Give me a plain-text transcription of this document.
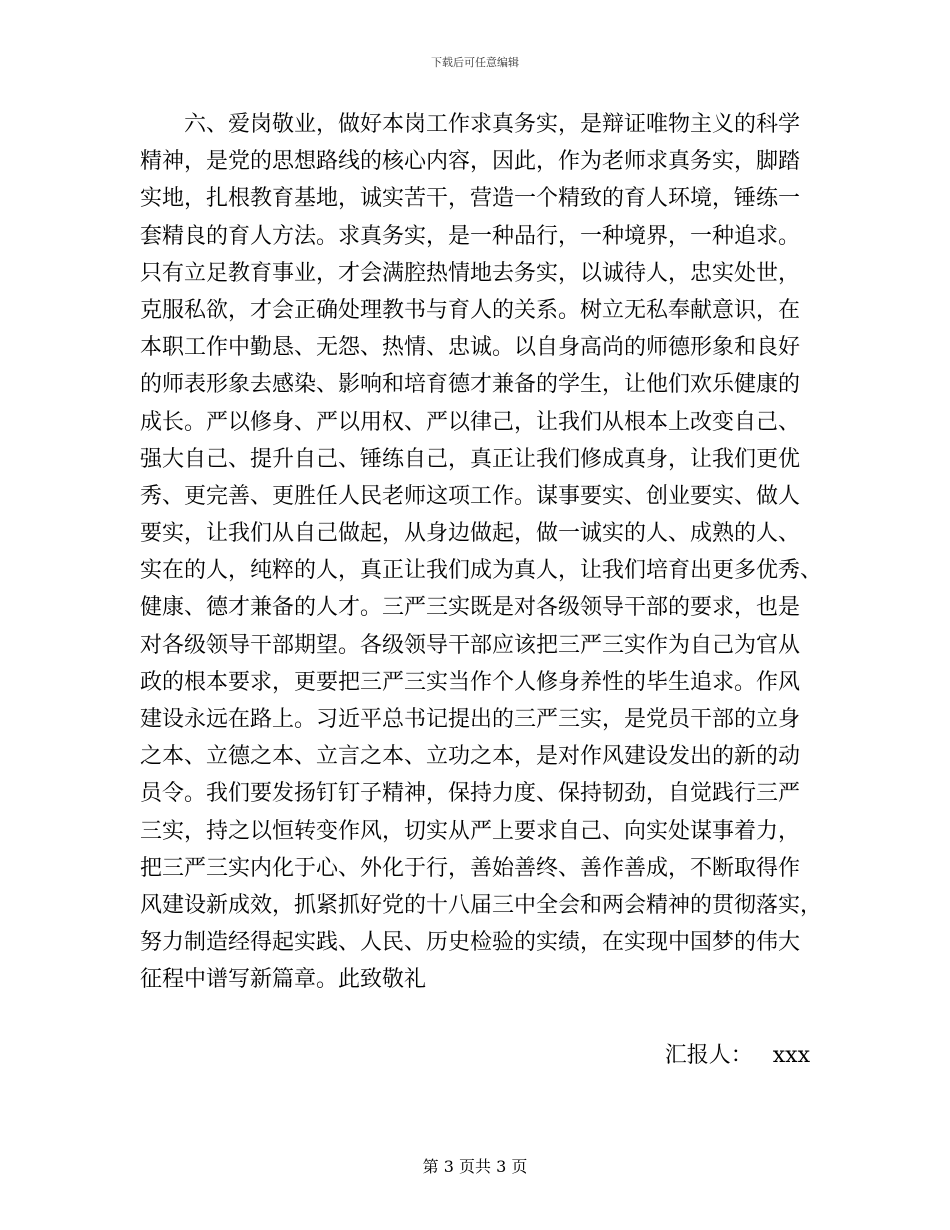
下载后可任意编辑
六、爱岗敬业，做好本岗工作求真务实，是辩证唯物主义的科学
精神，是党的思想路线的核心内容，因此，作为老师求真务实，脚踏
实地，扎根教育基地，诚实苦干，营造一个精致的育人环境，锤练一
套精良的育人方法。求真务实，是一种品行，一种境界，一种追求。
只有立足教育事业，才会满腔热情地去务实，以诚待人，忠实处世，
克服私欲，才会正确处理教书与育人的关系。树立无私奉献意识，在
本职工作中勤恳、无怨、热情、忠诚。以自身高尚的师德形象和良好
的师表形象去感染、影响和培育德才兼备的学生，让他们欢乐健康的
成长。严以修身、严以用权、严以律己，让我们从根本上改变自己、
强大自己、提升自己、锤练自己，真正让我们修成真身，让我们更优
秀、更完善、更胜任人民老师这项工作。谋事要实、创业要实、做人
要实，让我们从自己做起，从身边做起，做一诚实的人、成熟的人、
实在的人，纯粹的人，真正让我们成为真人，让我们培育出更多优秀、
健康、德才兼备的人才。三严三实既是对各级领导干部的要求，也是
对各级领导干部期望。各级领导干部应该把三严三实作为自己为官从
政的根本要求，更要把三严三实当作个人修身养性的毕生追求。作风
建设永远在路上。习近平总书记提出的三严三实，是党员干部的立身
之本、立德之本、立言之本、立功之本，是对作风建设发出的新的动
员令。我们要发扬钉钉子精神，保持力度、保持韧劲，自觉践行三严
三实，持之以恒转变作风，切实从严上要求自己、向实处谋事着力，
把三严三实内化于心、外化于行，善始善终、善作善成，不断取得作
风建设新成效，抓紧抓好党的十八届三中全会和两会精神的贯彻落实，
努力制造经得起实践、人民、历史检验的实绩，在实现中国梦的伟大
征程中谱写新篇章。此致敬礼
汇报人： xxx
第 3 页共 3 页
